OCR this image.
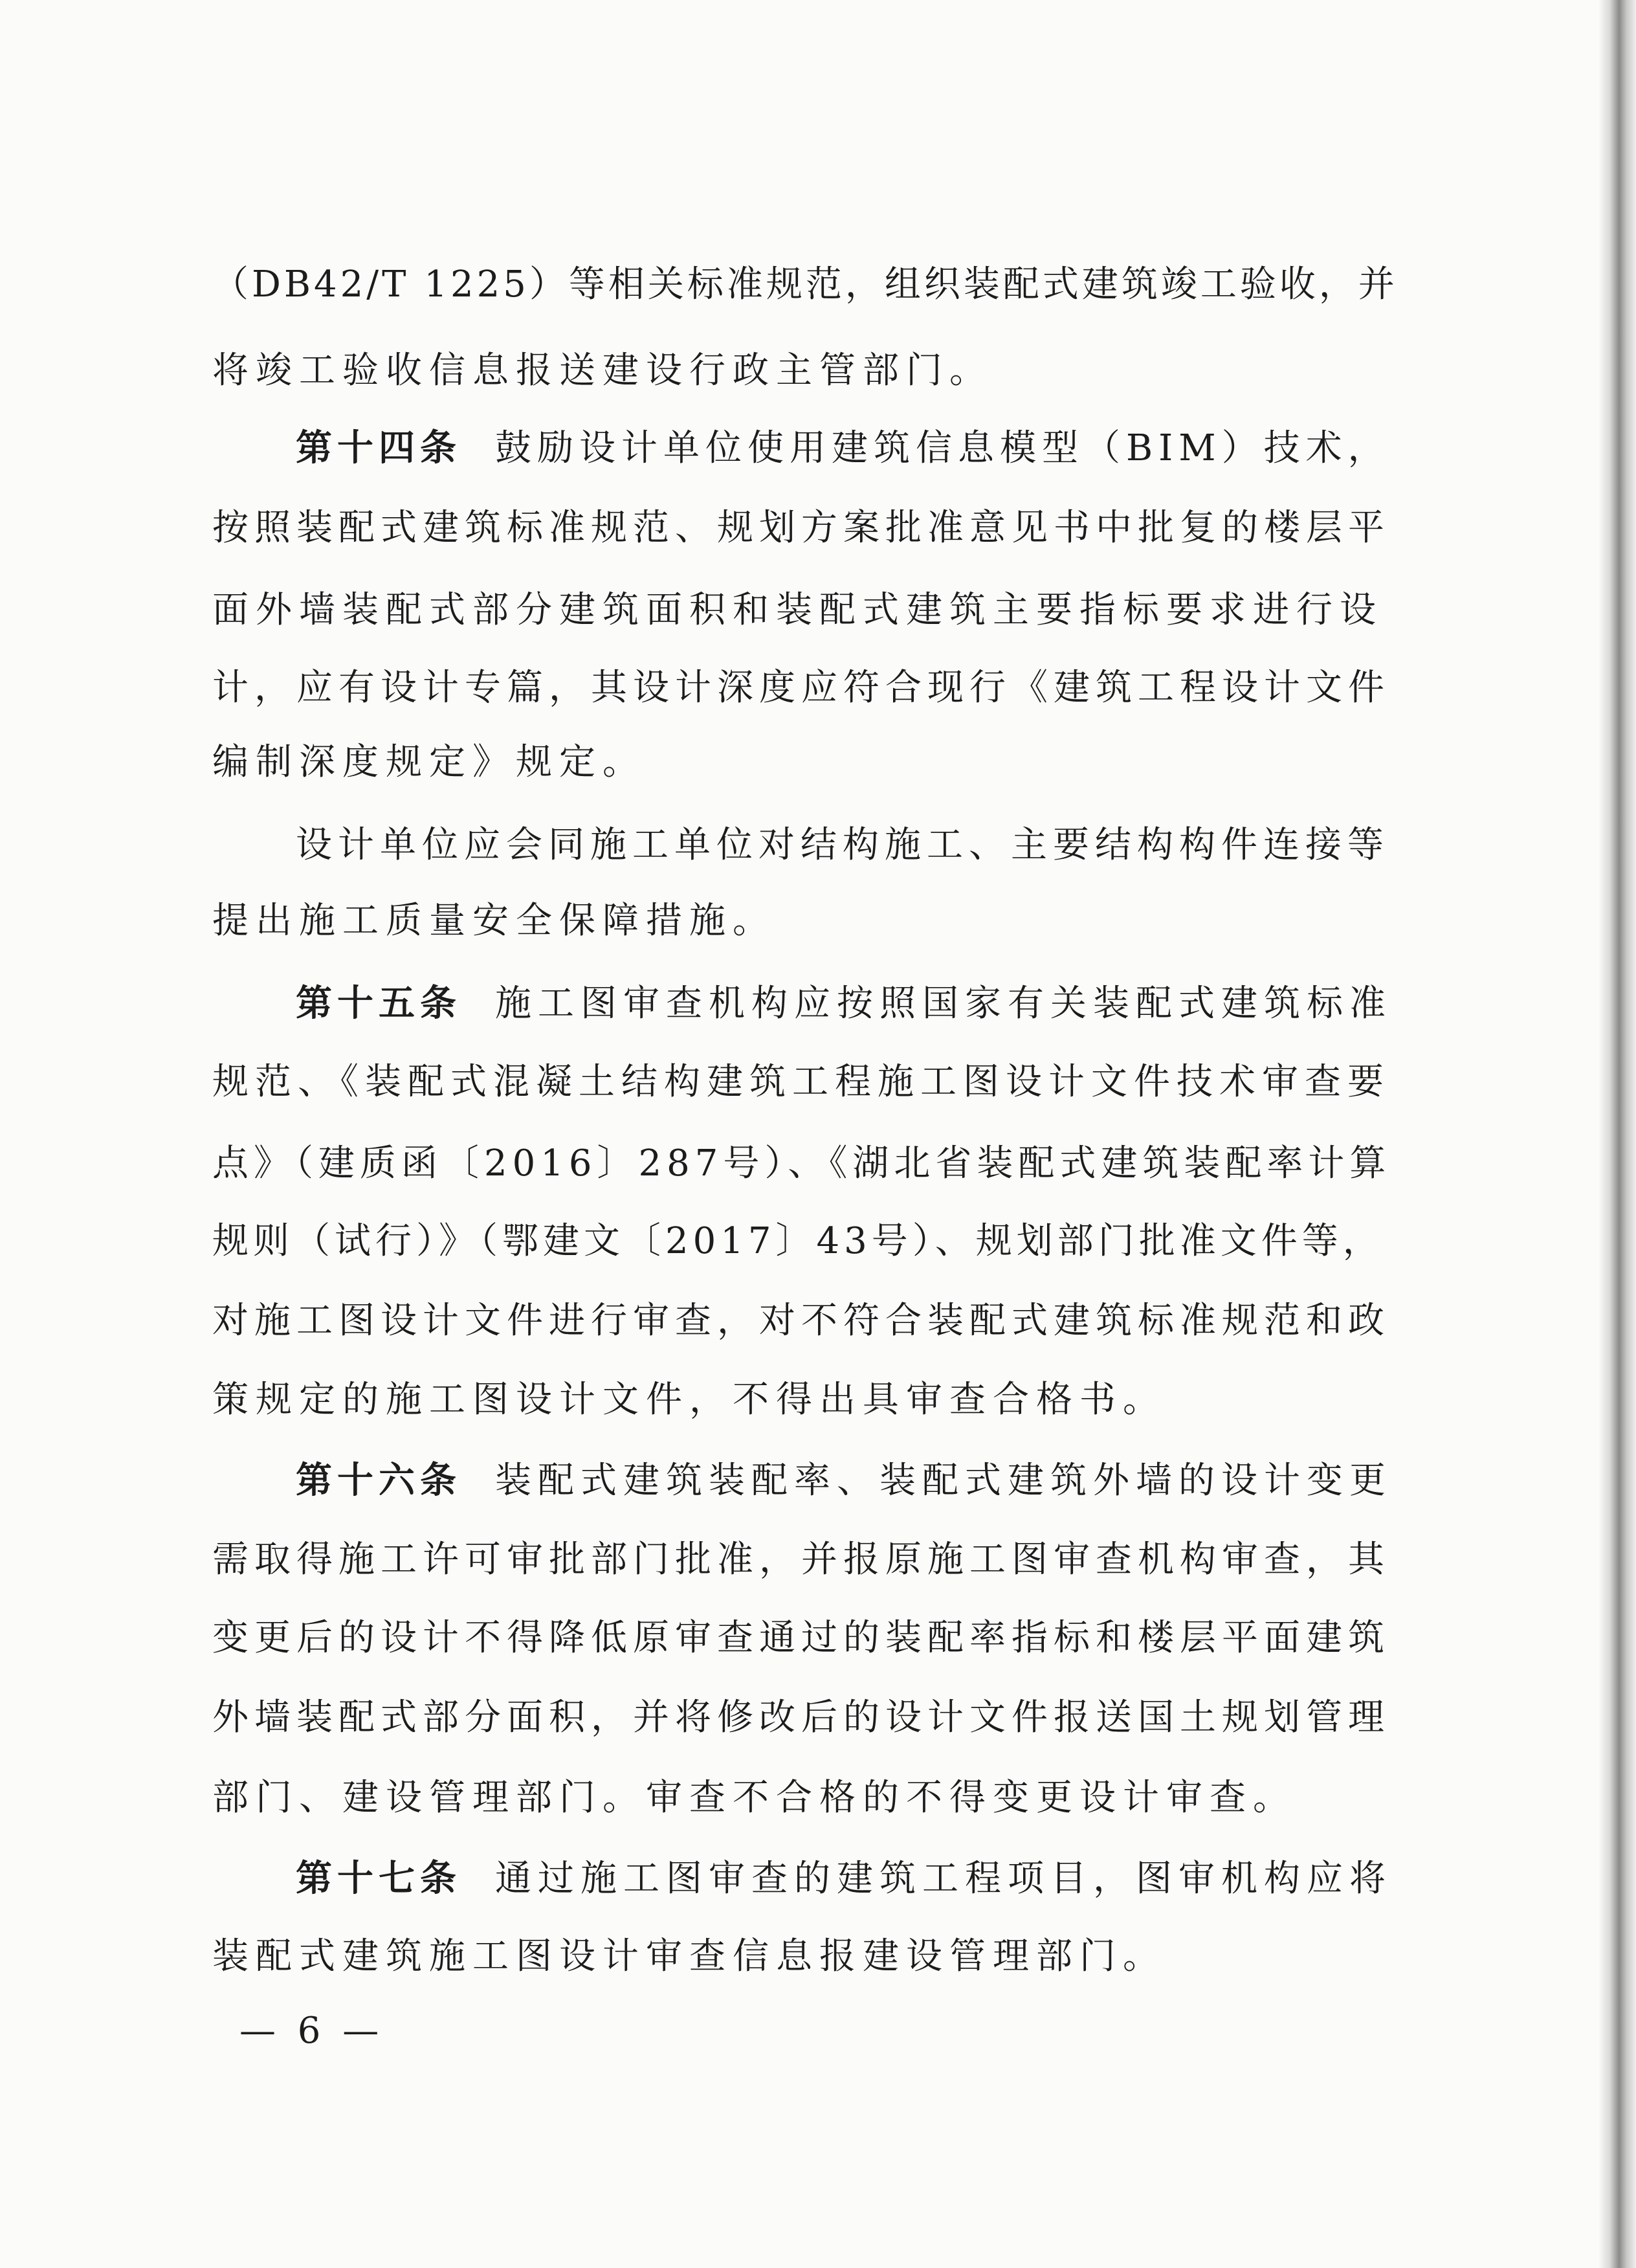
（DB42/T 1225）等相关标准规范，组织装配式建筑竣工验收，并
将竣工验收信息报送建设行政主管部门。
第十四条 鼓励设计单位使用建筑信息模型（BIM）技术，
按照装配式建筑标准规范、规划方案批准意见书中批复的楼层平
面外墙装配式部分建筑面积和装配式建筑主要指标要求进行设
计，应有设计专篇，其设计深度应符合现行《建筑工程设计文件
编制深度规定》规定。
设计单位应会同施工单位对结构施工、主要结构构件连接等
提出施工质量安全保障措施。
第十五条 施工图审查机构应按照国家有关装配式建筑标准
规范、《装配式混凝土结构建筑工程施工图设计文件技术审查要
点》（建质函〔2016〕287号）、《湖北省装配式建筑装配率计算
规则（试行）》（鄂建文〔2017〕43号）、规划部门批准文件等，
对施工图设计文件进行审查，对不符合装配式建筑标准规范和政
策规定的施工图设计文件，不得出具审查合格书。
第十六条 装配式建筑装配率、装配式建筑外墙的设计变更
需取得施工许可审批部门批准，并报原施工图审查机构审查，其
变更后的设计不得降低原审查通过的装配率指标和楼层平面建筑
外墙装配式部分面积，并将修改后的设计文件报送国土规划管理
部门、建设管理部门。审查不合格的不得变更设计审查。
第十七条 通过施工图审查的建筑工程项目，图审机构应将
装配式建筑施工图设计审查信息报建设管理部门。
— 6 —
